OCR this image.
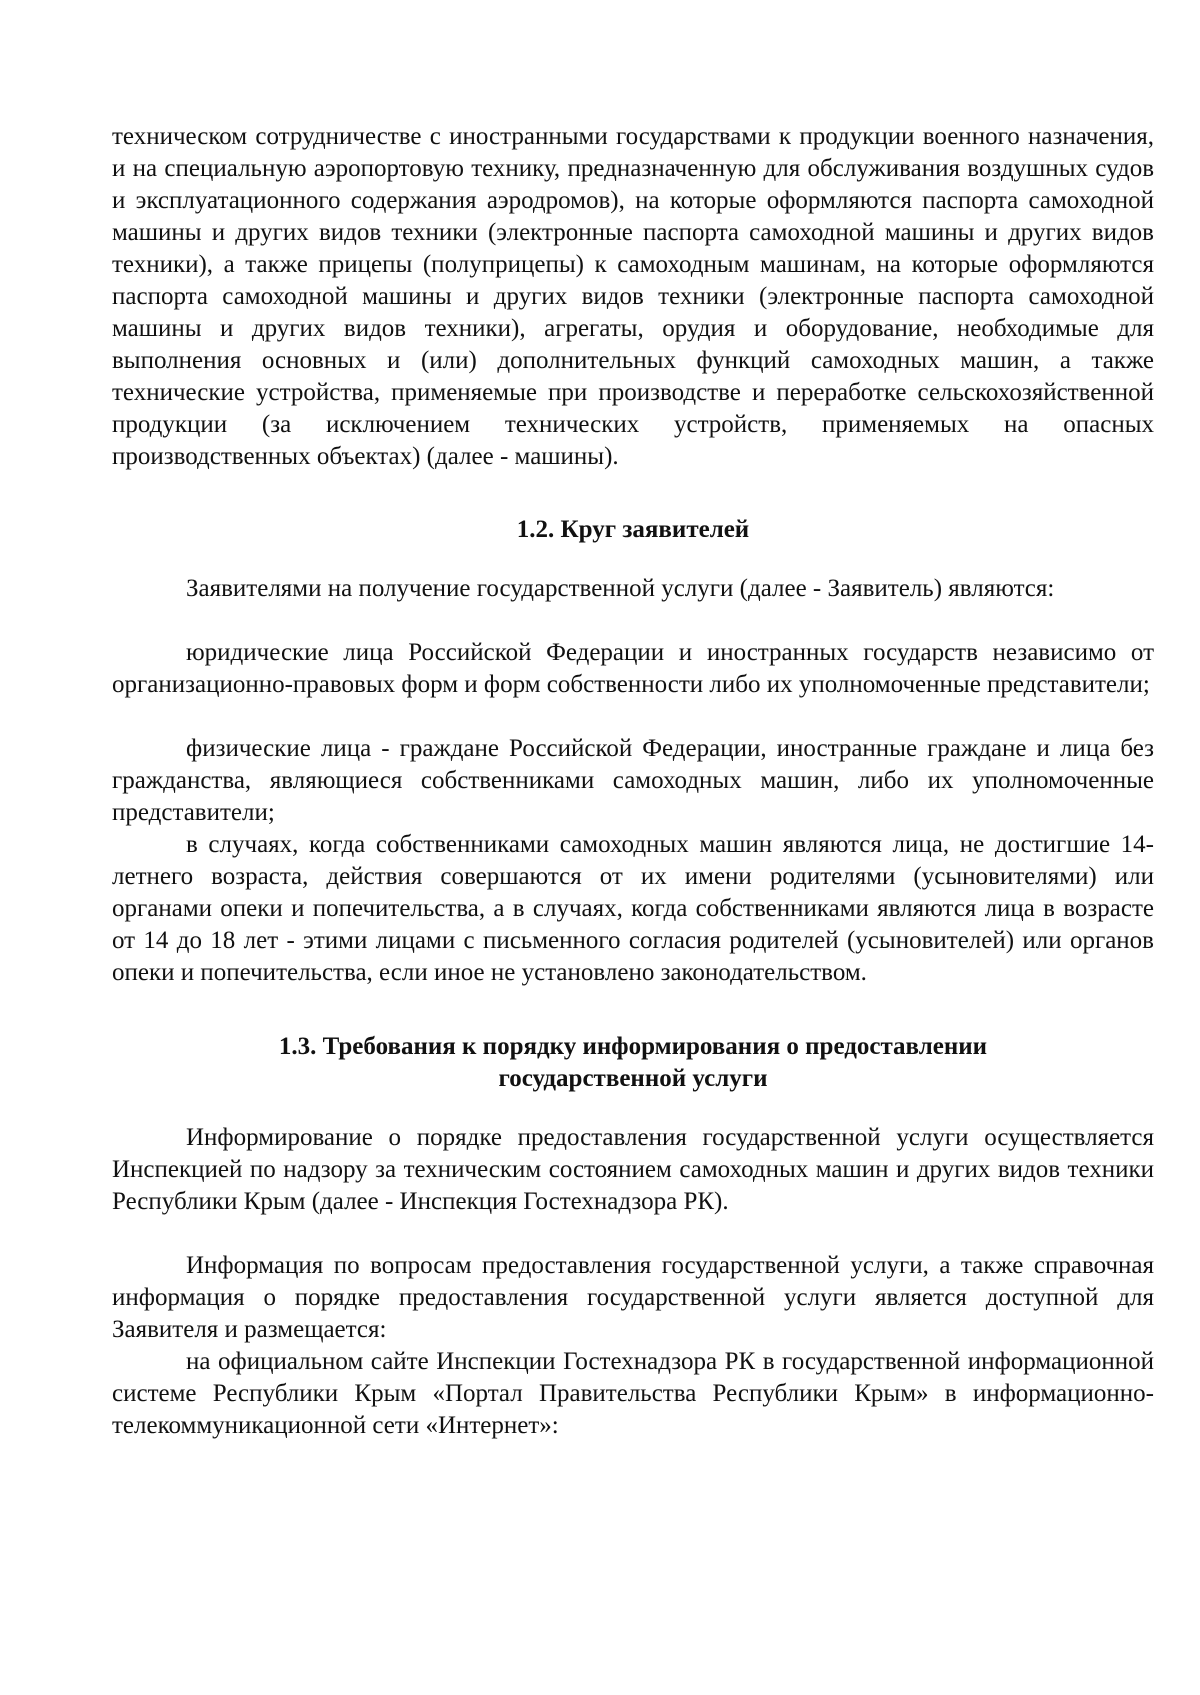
техническом сотрудничестве с иностранными государствами к продукции военного назначения, и на специальную аэропортовую технику, предназначенную для обслуживания воздушных судов и эксплуатационного содержания аэродромов), на которые оформляются паспорта самоходной машины и других видов техники (электронные паспорта самоходной машины и других видов техники), а также прицепы (полуприцепы) к самоходным машинам, на которые оформляются паспорта самоходной машины и других видов техники (электронные паспорта самоходной машины и других видов техники), агрегаты, орудия и оборудование, необходимые для выполнения основных и (или) дополнительных функций самоходных машин, а также технические устройства, применяемые при производстве и переработке сельскохозяйственной продукции (за исключением технических устройств, применяемых на опасных производственных объектах) (далее - машины).

1.2. Круг заявителей

Заявителями на получение государственной услуги (далее - Заявитель) являются:

юридические лица Российской Федерации и иностранных государств независимо от организационно-правовых форм и форм собственности либо их уполномоченные представители;

физические лица - граждане Российской Федерации, иностранные граждане и лица без гражданства, являющиеся собственниками самоходных машин, либо их уполномоченные представители;

в случаях, когда собственниками самоходных машин являются лица, не достигшие 14-летнего возраста, действия совершаются от их имени родителями (усыновителями) или органами опеки и попечительства, а в случаях, когда собственниками являются лица в возрасте от 14 до 18 лет - этими лицами с письменного согласия родителей (усыновителей) или органов опеки и попечительства, если иное не установлено законодательством.

1.3. Требования к порядку информирования о предоставлении
государственной услуги

Информирование о порядке предоставления государственной услуги осуществляется Инспекцией по надзору за техническим состоянием самоходных машин и других видов техники Республики Крым (далее - Инспекция Гостехнадзора РК).

Информация по вопросам предоставления государственной услуги, а также справочная информация о порядке предоставления государственной услуги является доступной для Заявителя и размещается:

на официальном сайте Инспекции Гостехнадзора РК в государственной информационной системе Республики Крым «Портал Правительства Республики Крым» в информационно-телекоммуникационной сети «Интернет»:
